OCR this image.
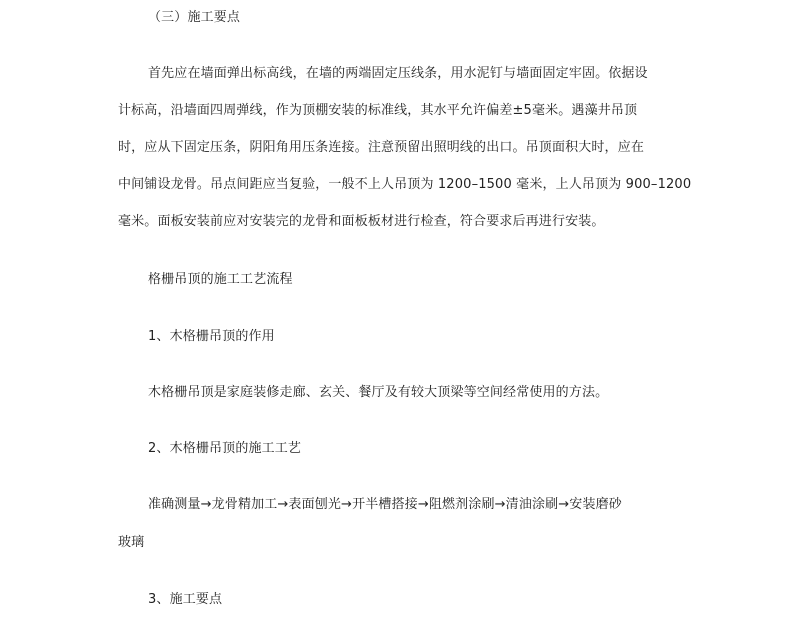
（三）施工要点
首先应在墙面弹出标高线，在墙的两端固定压线条，用水泥钉与墙面固定牢固。依据设
计标高，沿墙面四周弹线，作为顶棚安装的标准线，其水平允许偏差±5毫米。遇藻井吊顶
时，应从下固定压条，阴阳角用压条连接。注意预留出照明线的出口。吊顶面积大时，应在
中间铺设龙骨。吊点间距应当复验，一般不上人吊顶为 1200–1500 毫米，上人吊顶为 900–1200
毫米。面板安装前应对安装完的龙骨和面板板材进行检查，符合要求后再进行安装。
格栅吊顶的施工工艺流程
1、木格栅吊顶的作用
木格栅吊顶是家庭装修走廊、玄关、餐厅及有较大顶梁等空间经常使用的方法。
2、木格栅吊顶的施工工艺
准确测量→龙骨精加工→表面刨光→开半槽搭接→阻燃剂涂刷→清油涂刷→安装磨砂
玻璃
3、施工要点
